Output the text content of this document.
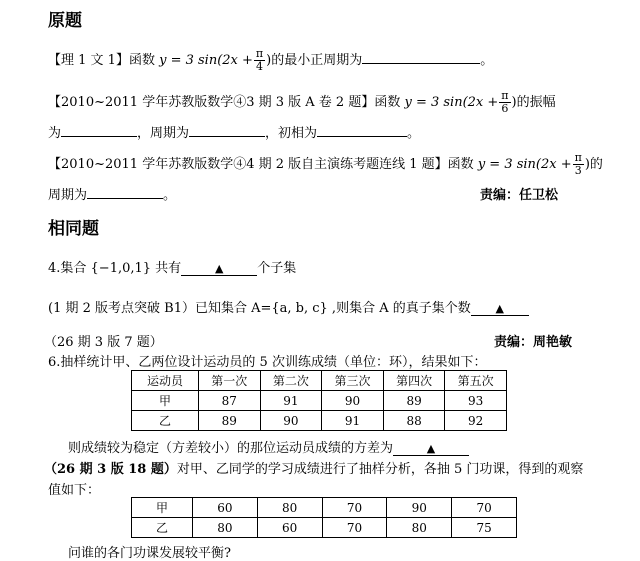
原题
【理 1 文 1】函数 y = 3 $\sin(2x + \frac{\pi}{4}$ )的最小正周期为	。
【2010~2011 学年苏教版数学④3 期 3 版 A 卷 2 题】函数 y = 3 $\sin(2x + \frac{\pi}{6}$ )的振幅
为	，周期为	，初相为	。
【2010~2011 学年苏教版数学④4 期 2 版自主演练考题连线 1 题】函数 y = 3 $\sin(2x + \frac{\pi}{3}$ )的
周期为	。	责编：任卫松
相同题
4.集合 {−1,0,1} 共有	▲	个子集
(1 期 2 版考点突破 B1）已知集合 A={a, b, c} ,则集合 A 的真子集个数 ▲
（26 期 3 版 7 题）	责编：周艳敏
6.抽样统计甲、乙两位设计运动员的 5 次训练成绩（单位：环），结果如下：
运动员	第一次	第二次	第三次	第四次	第五次
甲	87	91	90	89	93
乙	89	90	91	88	92
则成绩较为稳定（方差较小）的那位运动员成绩的方差为	▲
（26 期 3 版 18 题）对甲、乙同学的学习成绩进行了抽样分析，各抽 5 门功课，得到的观察
值如下：
甲	60	80	70	90	70
乙	80	60	70	80	75
问谁的各门功课发展较平衡?
